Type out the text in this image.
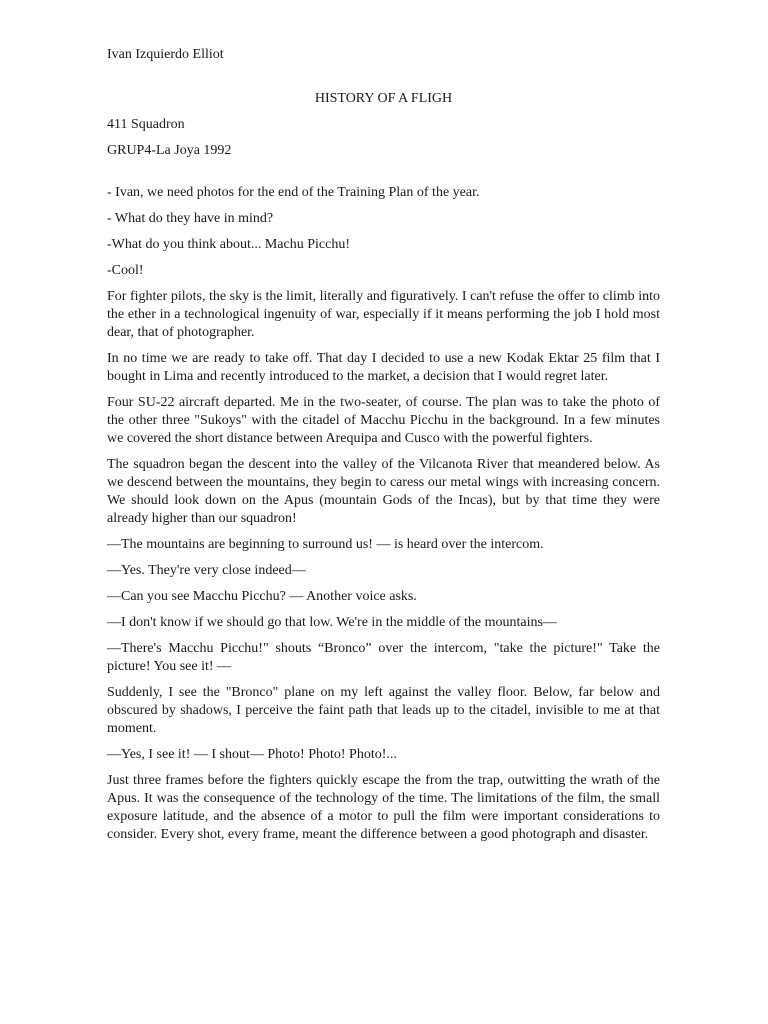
Ivan Izquierdo Elliot

HISTORY OF A FLIGH

411 Squadron

GRUP4-La Joya 1992

- Ivan, we need photos for the end of the Training Plan of the year.

- What do they have in mind?

-What do you think about... Machu Picchu!

-Cool!

For fighter pilots, the sky is the limit, literally and figuratively. I can't refuse the offer to climb into the ether in a technological ingenuity of war, especially if it means performing the job I hold most dear, that of photographer.

In no time we are ready to take off. That day I decided to use a new Kodak Ektar 25 film that I bought in Lima and recently introduced to the market, a decision that I would regret later.

Four SU-22 aircraft departed. Me in the two-seater, of course. The plan was to take the photo of the other three "Sukoys" with the citadel of Macchu Picchu in the background. In a few minutes we covered the short distance between Arequipa and Cusco with the powerful fighters.

The squadron began the descent into the valley of the Vilcanota River that meandered below. As we descend between the mountains, they begin to caress our metal wings with increasing concern. We should look down on the Apus (mountain Gods of the Incas), but by that time they were already higher than our squadron!

—The mountains are beginning to surround us! — is heard over the intercom.

—Yes. They're very close indeed—

—Can you see Macchu Picchu? — Another voice asks.

—I don't know if we should go that low. We're in the middle of the mountains—

—There's Macchu Picchu!" shouts “Bronco” over the intercom, "take the picture!" Take the picture! You see it! —

Suddenly, I see the "Bronco" plane on my left against the valley floor. Below, far below and obscured by shadows, I perceive the faint path that leads up to the citadel, invisible to me at that moment.

—Yes, I see it! — I shout— Photo! Photo! Photo!...

Just three frames before the fighters quickly escape the from the trap, outwitting the wrath of the Apus. It was the consequence of the technology of the time. The limitations of the film, the small exposure latitude, and the absence of a motor to pull the film were important considerations to consider. Every shot, every frame, meant the difference between a good photograph and disaster.
